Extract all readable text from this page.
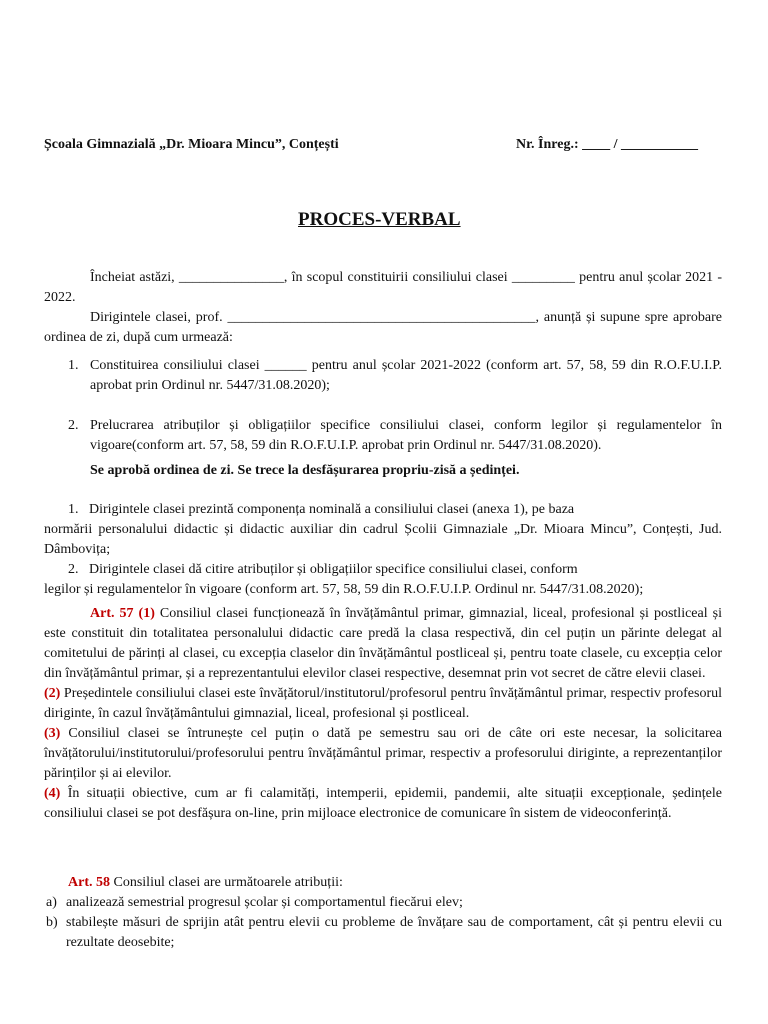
Școala Gimnazială „Dr. Mioara Mincu”, Conțești	Nr. Înreg.: ____ / ___________
PROCES-VERBAL

Încheiat astăzi, _______________, în scopul constituirii consiliului clasei _________ pentru anul școlar 2021 - 2022.

Dirigintele clasei, prof. ____________________________________________, anunță și supune spre aprobare ordinea de zi, după cum urmează:

1. Constituirea consiliului clasei ______ pentru anul școlar 2021-2022 (conform art. 57, 58, 59 din R.O.F.U.I.P. aprobat prin Ordinul nr. 5447/31.08.2020);
2. Prelucrarea atribuților și obligațiilor specifice consiliului clasei, conform legilor și regulamentelor în vigoare(conform art. 57, 58, 59 din R.O.F.U.I.P. aprobat prin Ordinul nr. 5447/31.08.2020).
Se aprobă ordinea de zi. Se trece la desfășurarea propriu-zisă a ședinței.
1. Dirigintele clasei prezintă componența nominală a consiliului clasei (anexa 1), pe baza
normării personalului didactic și didactic auxiliar din cadrul Școlii Gimnaziale „Dr. Mioara Mincu”, Conțești, Jud. Dâmbovița;
2. Dirigintele clasei dă citire atribuților și obligațiilor specifice consiliului clasei, conform
legilor și regulamentelor în vigoare (conform art. 57, 58, 59 din R.O.F.U.I.P. Ordinul nr. 5447/31.08.2020);

Art. 57 (1) Consiliul clasei funcționează în învățământul primar, gimnazial, liceal, profesional și postliceal și este constituit din totalitatea personalului didactic care predă la clasa respectivă, din cel puțin un părinte delegat al comitetului de părinți al clasei, cu excepția claselor din învățământul postliceal și, pentru toate clasele, cu excepția celor din învățământul primar, și a reprezentantului elevilor clasei respective, desemnat prin vot secret de către elevii clasei.

(2) Președintele consiliului clasei este învățătorul/institutorul/profesorul pentru învățământul primar, respectiv profesorul diriginte, în cazul învățământului gimnazial, liceal, profesional și postliceal.

(3) Consiliul clasei se întrunește cel puțin o dată pe semestru sau ori de câte ori este necesar, la solicitarea învățătorului/institutorului/profesorului pentru învățământul primar, respectiv a profesorului diriginte, a reprezentanților părinților și ai elevilor.

(4) În situații obiective, cum ar fi calamități, intemperii, epidemii, pandemii, alte situații excepționale, ședințele consiliului clasei se pot desfășura on-line, prin mijloace electronice de comunicare în sistem de videoconferință.

Art. 58 Consiliul clasei are următoarele atribuții:

a) analizează semestrial progresul școlar și comportamentul fiecărui elev;
b) stabilește măsuri de sprijin atât pentru elevii cu probleme de învățare sau de comportament, cât și pentru elevii cu rezultate deosebite;
